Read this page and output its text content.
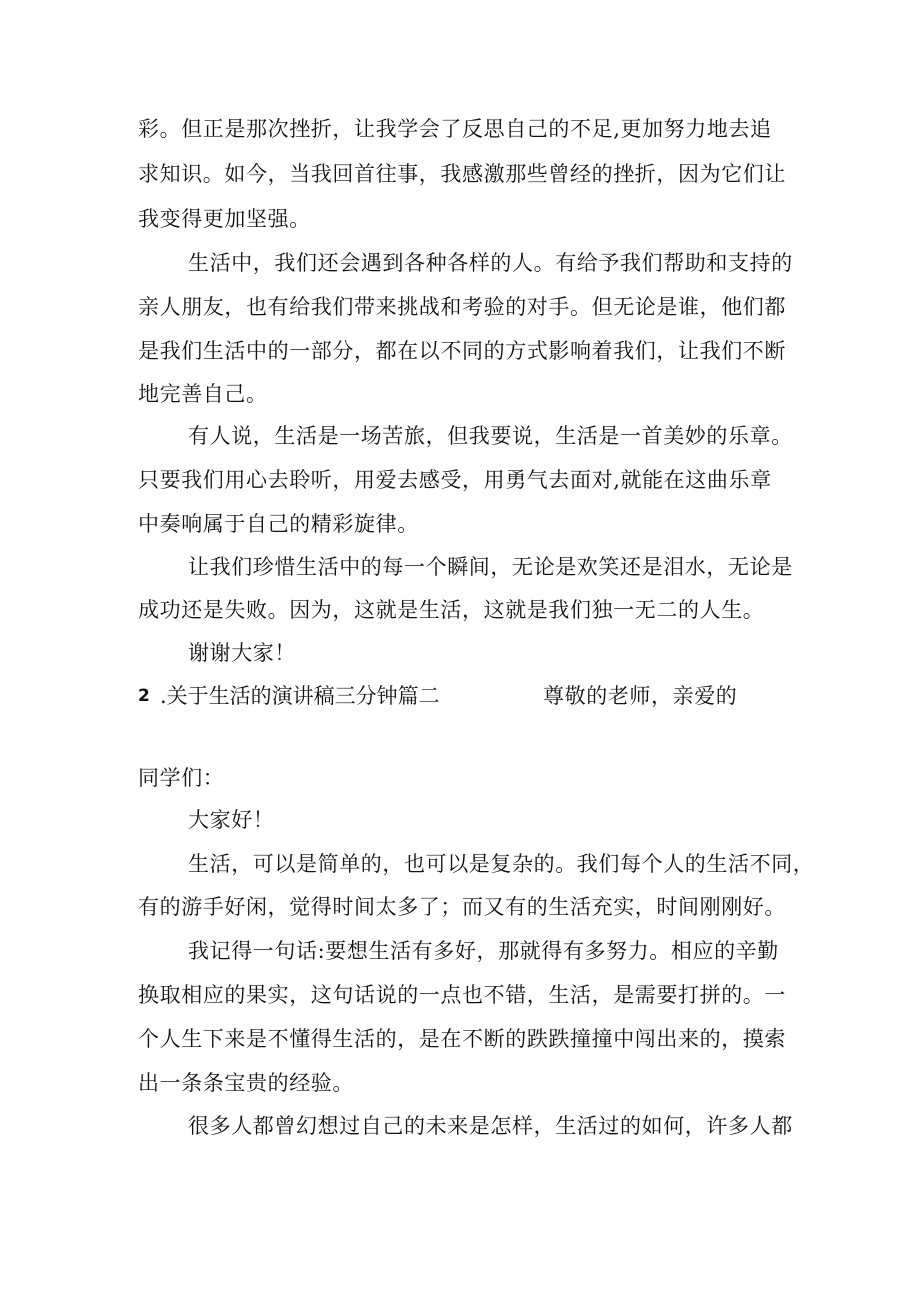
彩。但正是那次挫折，让我学会了反思自己的不足,更加努力地去追
求知识。如今，当我回首往事，我感激那些曾经的挫折，因为它们让
我变得更加坚强。
生活中，我们还会遇到各种各样的人。有给予我们帮助和支持的
亲人朋友，也有给我们带来挑战和考验的对手。但无论是谁，他们都
是我们生活中的一部分，都在以不同的方式影响着我们，让我们不断
地完善自己。
有人说，生活是一场苦旅，但我要说，生活是一首美妙的乐章。
只要我们用心去聆听，用爱去感受，用勇气去面对,就能在这曲乐章
中奏响属于自己的精彩旋律。
让我们珍惜生活中的每一个瞬间，无论是欢笑还是泪水，无论是
成功还是失败。因为，这就是生活，这就是我们独一无二的人生。
谢谢大家！
2 .关于生活的演讲稿三分钟篇二	尊敬的老师，亲爱的
同学们：
大家好！
生活，可以是简单的，也可以是复杂的。我们每个人的生活不同，
有的游手好闲，觉得时间太多了；而又有的生活充实，时间刚刚好。
我记得一句话:要想生活有多好，那就得有多努力。相应的辛勤
换取相应的果实，这句话说的一点也不错，生活，是需要打拼的。一
个人生下来是不懂得生活的，是在不断的跌跌撞撞中闯出来的，摸索
出一条条宝贵的经验。
很多人都曾幻想过自己的未来是怎样，生活过的如何，许多人都
